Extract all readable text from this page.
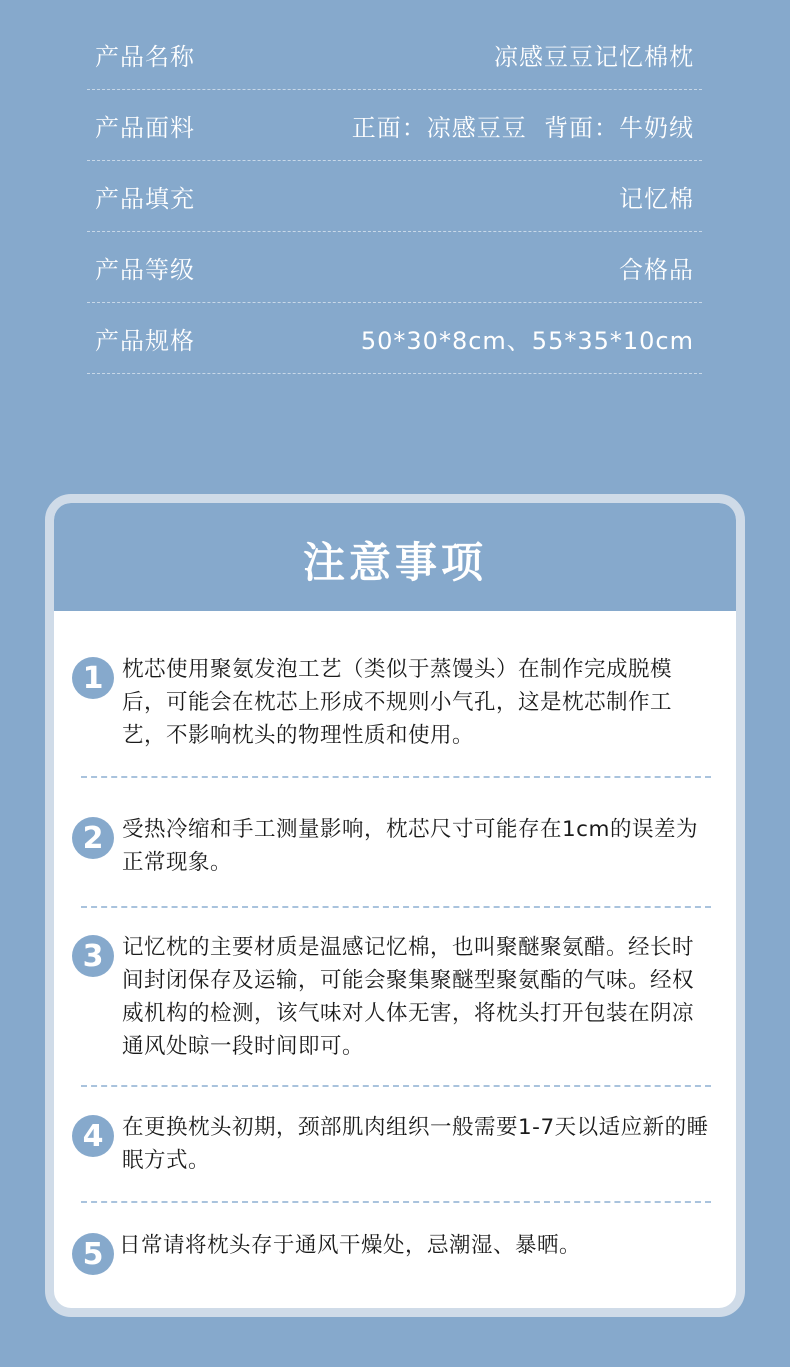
产品名称	凉感豆豆记忆棉枕
产品面料	正面：凉感豆豆  背面：牛奶绒
产品填充	记忆棉
产品等级	合格品
产品规格	50*30*8cm、55*35*10cm
注意事项
1 枕芯使用聚氨发泡工艺（类似于蒸馒头）在制作完成脱模后，可能会在枕芯上形成不规则小气孔，这是枕芯制作工艺，不影响枕头的物理性质和使用。
2 受热冷缩和手工测量影响，枕芯尺寸可能存在1cm的误差为正常现象。
3 记忆枕的主要材质是温感记忆棉，也叫聚醚聚氨醋。经长时间封闭保存及运输，可能会聚集聚醚型聚氨酯的气味。经权威机构的检测，该气味对人体无害，将枕头打开包装在阴凉通风处晾一段时间即可。
4 在更换枕头初期，颈部肌肉组织一般需要1-7天以适应新的睡眠方式。
5 日常请将枕头存于通风干燥处，忌潮湿、暴晒。
